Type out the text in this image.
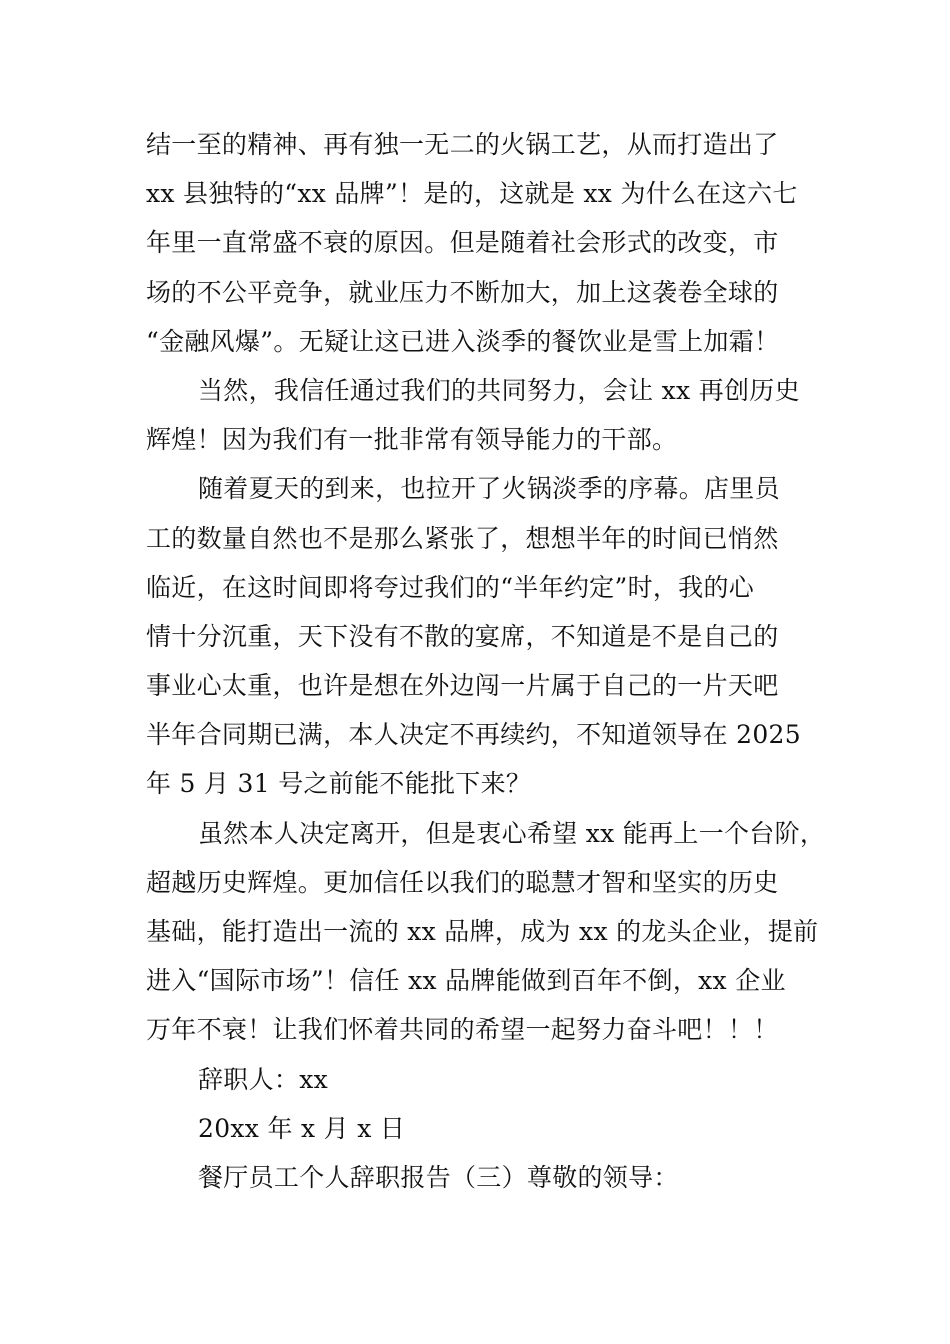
结一至的精神、再有独一无二的火锅工艺，从而打造出了
xx 县独特的“xx 品牌”！是的，这就是 xx 为什么在这六七
年里一直常盛不衰的原因。但是随着社会形式的改变，市
场的不公平竞争，就业压力不断加大，加上这袭卷全球的
“金融风爆”。无疑让这已进入淡季的餐饮业是雪上加霜！
当然，我信任通过我们的共同努力，会让 xx 再创历史
辉煌！因为我们有一批非常有领导能力的干部。
随着夏天的到来，也拉开了火锅淡季的序幕。店里员
工的数量自然也不是那么紧张了，想想半年的时间已悄然
临近，在这时间即将夸过我们的“半年约定”时，我的心
情十分沉重，天下没有不散的宴席，不知道是不是自己的
事业心太重，也许是想在外边闯一片属于自己的一片天吧
半年合同期已满，本人决定不再续约，不知道领导在 2025
年 5 月 31 号之前能不能批下来？
虽然本人决定离开，但是衷心希望 xx 能再上一个台阶，
超越历史辉煌。更加信任以我们的聪慧才智和坚实的历史
基础，能打造出一流的 xx 品牌，成为 xx 的龙头企业，提前
进入“国际市场”！信任 xx 品牌能做到百年不倒，xx 企业
万年不衰！让我们怀着共同的希望一起努力奋斗吧！！！
辞职人：xx
20xx 年 x 月 x 日
餐厅员工个人辞职报告（三）尊敬的领导：
